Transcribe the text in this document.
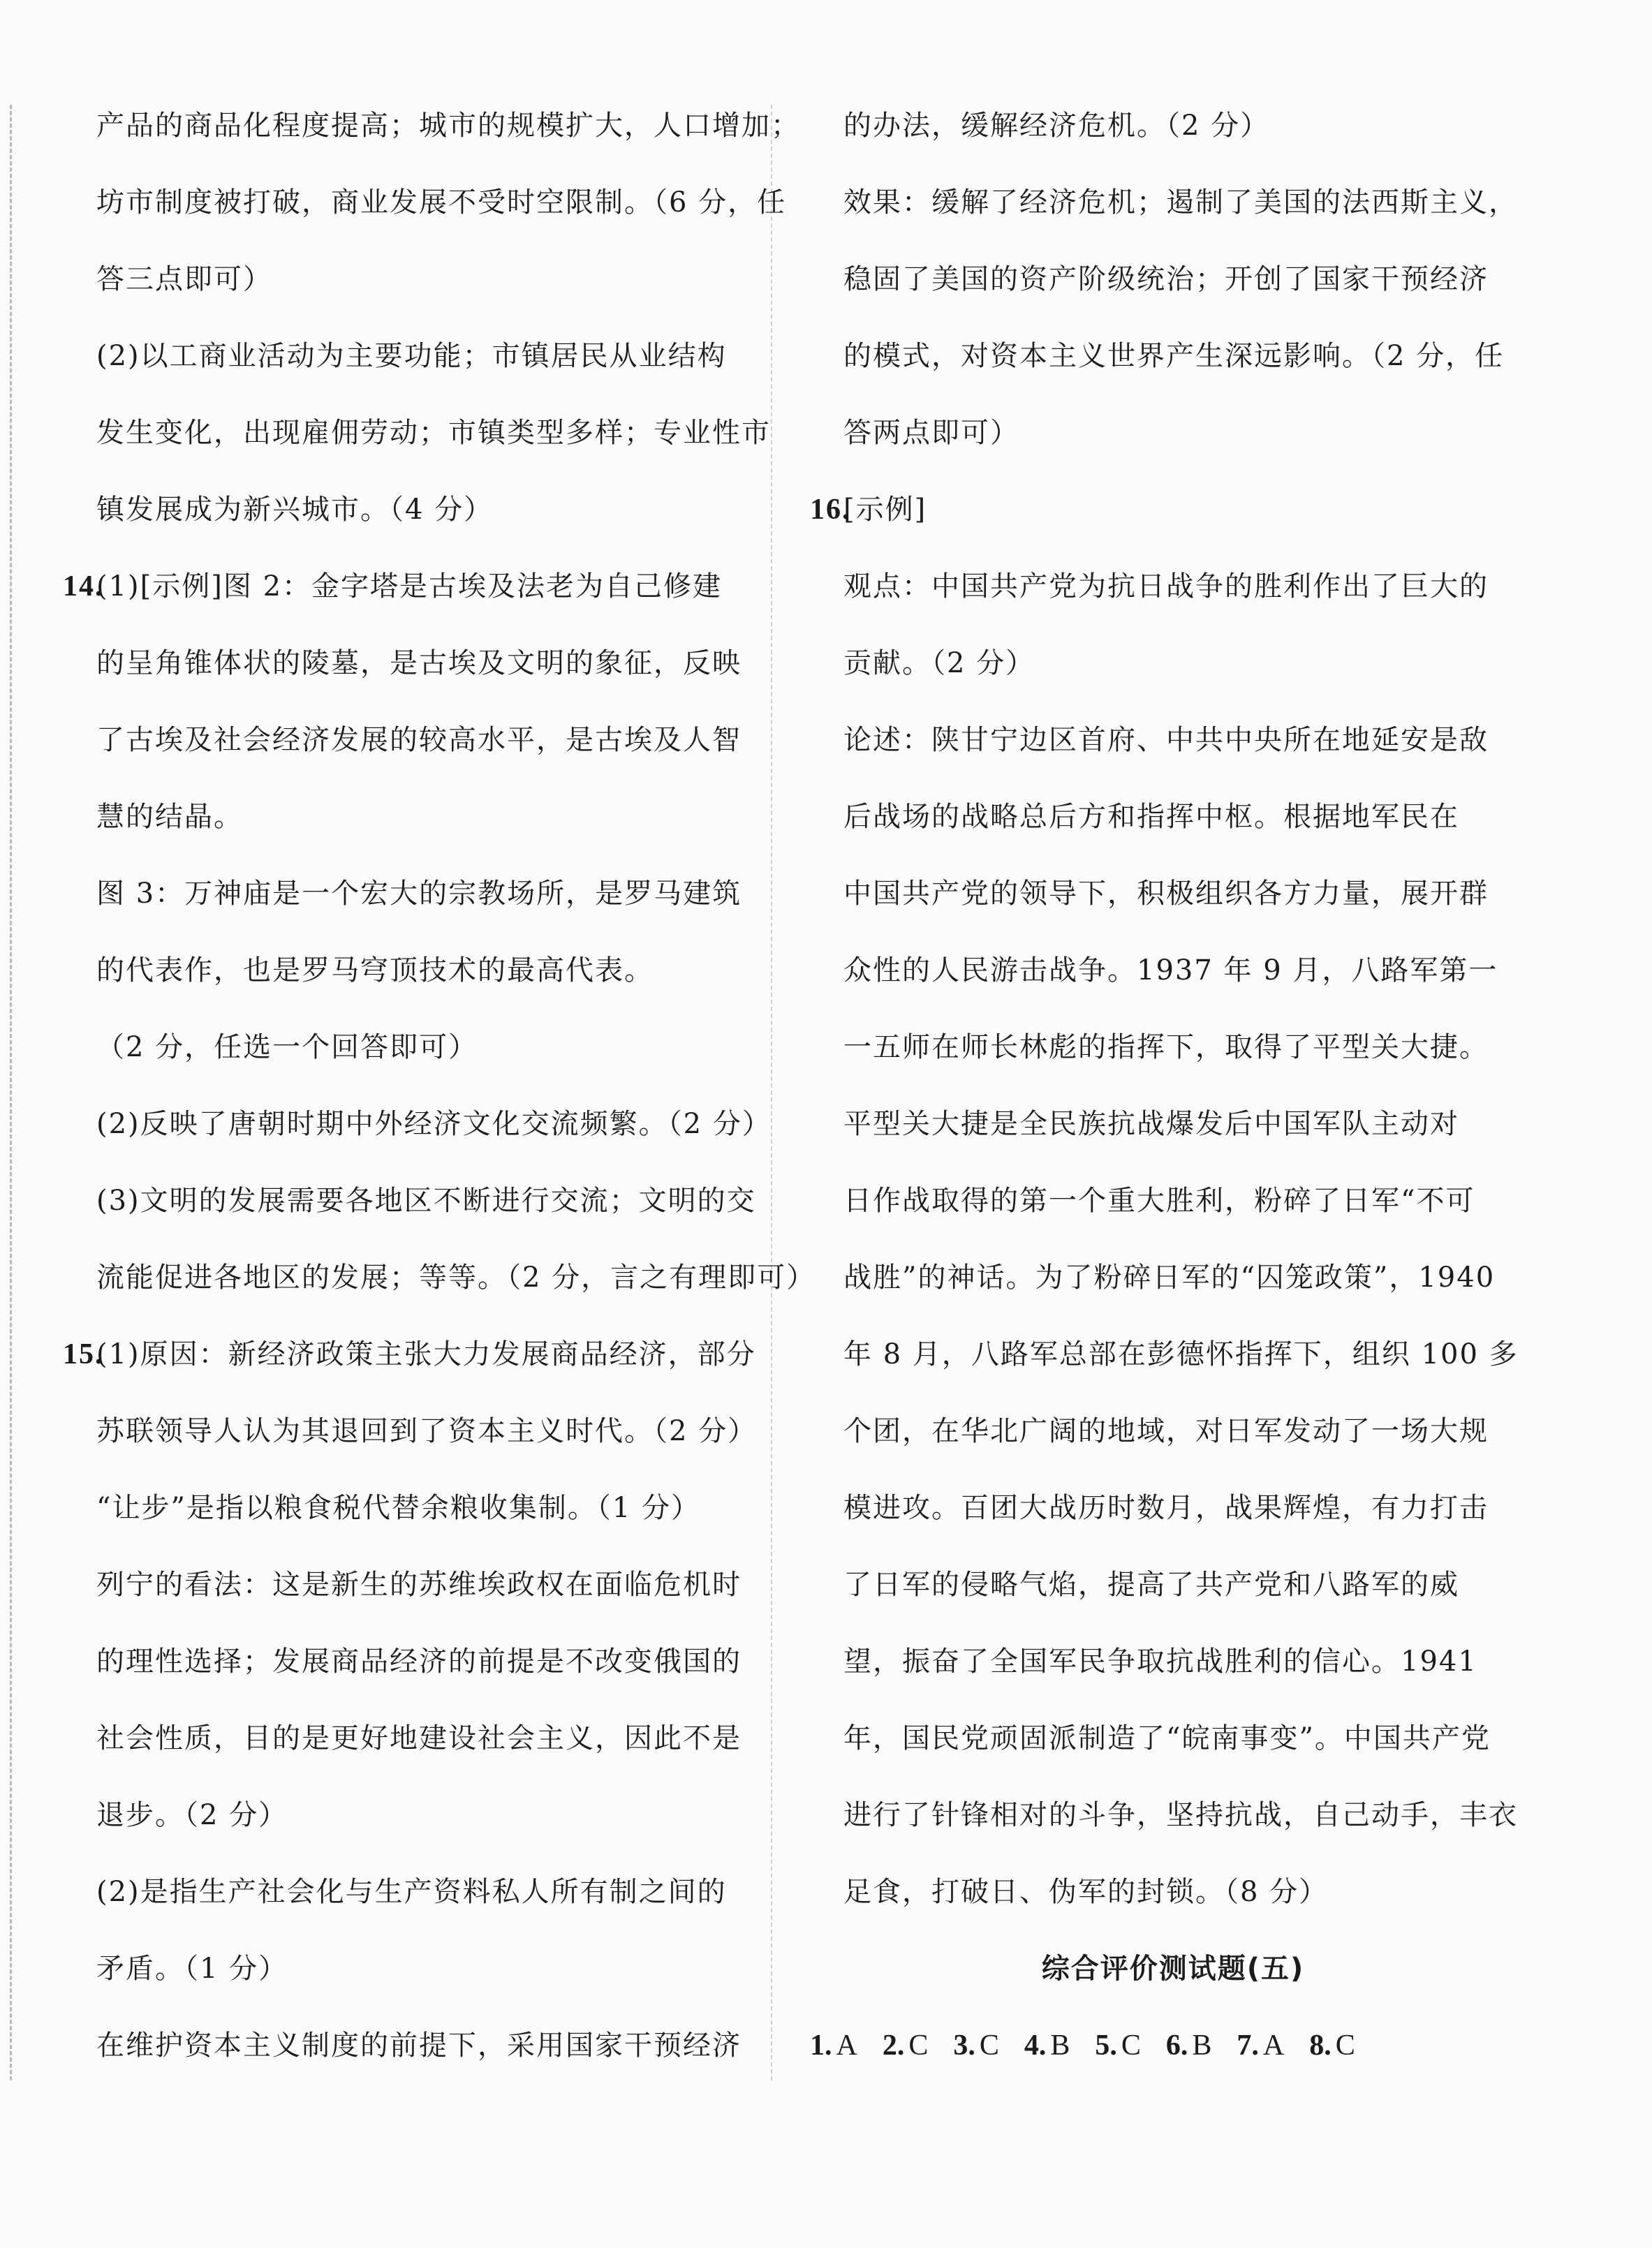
产品的商品化程度提高；城市的规模扩大，人口增加；
坊市制度被打破，商业发展不受时空限制。（6 分，任
答三点即可）
(2)以工商业活动为主要功能；市镇居民从业结构
发生变化，出现雇佣劳动；市镇类型多样；专业性市
镇发展成为新兴城市。（4 分）
14.
(1)[示例]图 2：金字塔是古埃及法老为自己修建
的呈角锥体状的陵墓，是古埃及文明的象征，反映
了古埃及社会经济发展的较高水平，是古埃及人智
慧的结晶。
图 3：万神庙是一个宏大的宗教场所，是罗马建筑
的代表作，也是罗马穹顶技术的最高代表。
（2 分，任选一个回答即可）
(2)反映了唐朝时期中外经济文化交流频繁。（2 分）
(3)文明的发展需要各地区不断进行交流；文明的交
流能促进各地区的发展；等等。（2 分，言之有理即可）
15.
(1)原因：新经济政策主张大力发展商品经济，部分
苏联领导人认为其退回到了资本主义时代。（2 分）
“让步”是指以粮食税代替余粮收集制。（1 分）
列宁的看法：这是新生的苏维埃政权在面临危机时
的理性选择；发展商品经济的前提是不改变俄国的
社会性质，目的是更好地建设社会主义，因此不是
退步。（2 分）
(2)是指生产社会化与生产资料私人所有制之间的
矛盾。（1 分）
在维护资本主义制度的前提下，采用国家干预经济
的办法，缓解经济危机。（2 分）
效果：缓解了经济危机；遏制了美国的法西斯主义，
稳固了美国的资产阶级统治；开创了国家干预经济
的模式，对资本主义世界产生深远影响。（2 分，任
答两点即可）
16.
[示例]
观点：中国共产党为抗日战争的胜利作出了巨大的
贡献。（2 分）
论述：陕甘宁边区首府、中共中央所在地延安是敌
后战场的战略总后方和指挥中枢。根据地军民在
中国共产党的领导下，积极组织各方力量，展开群
众性的人民游击战争。1937 年 9 月，八路军第一
一五师在师长林彪的指挥下，取得了平型关大捷。
平型关大捷是全民族抗战爆发后中国军队主动对
日作战取得的第一个重大胜利，粉碎了日军“不可
战胜”的神话。为了粉碎日军的“囚笼政策”，1940
年 8 月，八路军总部在彭德怀指挥下，组织 100 多
个团，在华北广阔的地域，对日军发动了一场大规
模进攻。百团大战历时数月，战果辉煌，有力打击
了日军的侵略气焰，提高了共产党和八路军的威
望，振奋了全国军民争取抗战胜利的信心。1941
年，国民党顽固派制造了“皖南事变”。中国共产党
进行了针锋相对的斗争，坚持抗战，自己动手，丰衣
足食，打破日、伪军的封锁。（8 分）
综合评价测试题(五)
1. A 2. C 3. C 4. B 5. C 6. B 7. A 8. C
